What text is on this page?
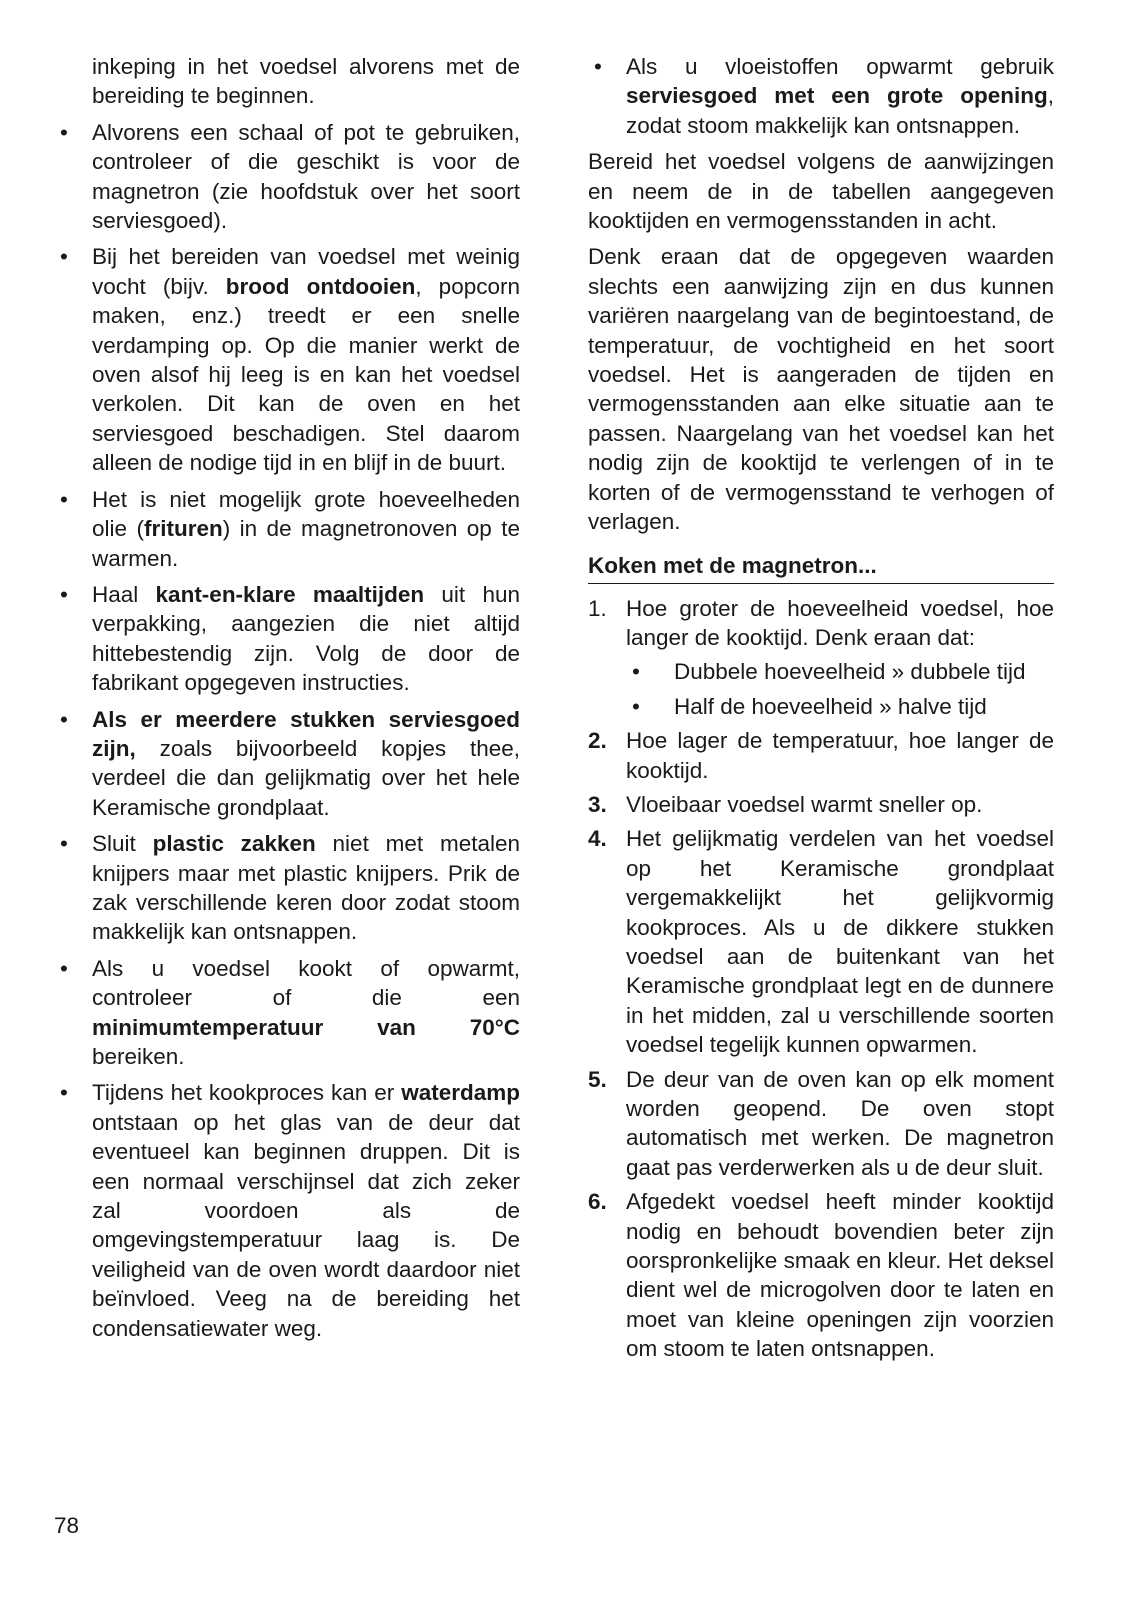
inkeping in het voedsel alvorens met de bereiding te beginnen.

• Alvorens een schaal of pot te gebruiken, controleer of die geschikt is voor de magnetron (zie hoofdstuk over het soort serviesgoed).

• Bij het bereiden van voedsel met weinig vocht (bijv. brood ontdooien, popcorn maken, enz.) treedt er een snelle verdamping op. Op die manier werkt de oven alsof hij leeg is en kan het voedsel verkolen. Dit kan de oven en het serviesgoed beschadigen. Stel daarom alleen de nodige tijd in en blijf in de buurt.

• Het is niet mogelijk grote hoeveelheden olie (frituren) in de magnetronoven op te warmen.

• Haal kant-en-klare maaltijden uit hun verpakking, aangezien die niet altijd hittebestendig zijn. Volg de door de fabrikant opgegeven instructies.

• Als er meerdere stukken serviesgoed zijn, zoals bijvoorbeeld kopjes thee, verdeel die dan gelijkmatig over het hele Keramische grondplaat.

• Sluit plastic zakken niet met metalen knijpers maar met plastic knijpers. Prik de zak verschillende keren door zodat stoom makkelijk kan ontsnappen.

• Als u voedsel kookt of opwarmt,
controleer of die een
minimumtemperatuur van 70°C
bereiken.
• Tijdens het kookproces kan er waterdamp ontstaan op het glas van de deur dat eventueel kan beginnen druppen. Dit is een normaal verschijnsel dat zich zeker zal voordoen als de omgevingstemperatuur laag is. De veiligheid van de oven wordt daardoor niet beïnvloed. Veeg na de bereiding het condensatiewater weg.

• Als u vloeistoffen opwarmt gebruik serviesgoed met een grote opening, zodat stoom makkelijk kan ontsnappen.

Bereid het voedsel volgens de aanwijzingen en neem de in de tabellen aangegeven kooktijden en vermogensstanden in acht.

Denk eraan dat de opgegeven waarden slechts een aanwijzing zijn en dus kunnen variëren naargelang van de begintoestand, de temperatuur, de vochtigheid en het soort voedsel. Het is aangeraden de tijden en vermogensstanden aan elke situatie aan te passen. Naargelang van het voedsel kan het nodig zijn de kooktijd te verlengen of in te korten of de vermogensstand te verhogen of verlagen.

Koken met de magnetron...
1. Hoe groter de hoeveelheid voedsel, hoe langer de kooktijd. Denk eraan dat:

• Dubbele hoeveelheid » dubbele tijd
• Half de hoeveelheid » halve tijd
2. Hoe lager de temperatuur, hoe langer de kooktijd.

3. Vloeibaar voedsel warmt sneller op.

4. Het gelijkmatig verdelen van het voedsel op het Keramische grondplaat vergemakkelijkt het gelijkvormig kookproces. Als u de dikkere stukken voedsel aan de buitenkant van het Keramische grondplaat legt en de dunnere in het midden, zal u verschillende soorten voedsel tegelijk kunnen opwarmen.

5. De deur van de oven kan op elk moment worden geopend. De oven stopt automatisch met werken. De magnetron gaat pas verderwerken als u de deur sluit.

6. Afgedekt voedsel heeft minder kooktijd nodig en behoudt bovendien beter zijn oorspronkelijke smaak en kleur. Het deksel dient wel de microgolven door te laten en moet van kleine openingen zijn voorzien om stoom te laten ontsnappen.

78
